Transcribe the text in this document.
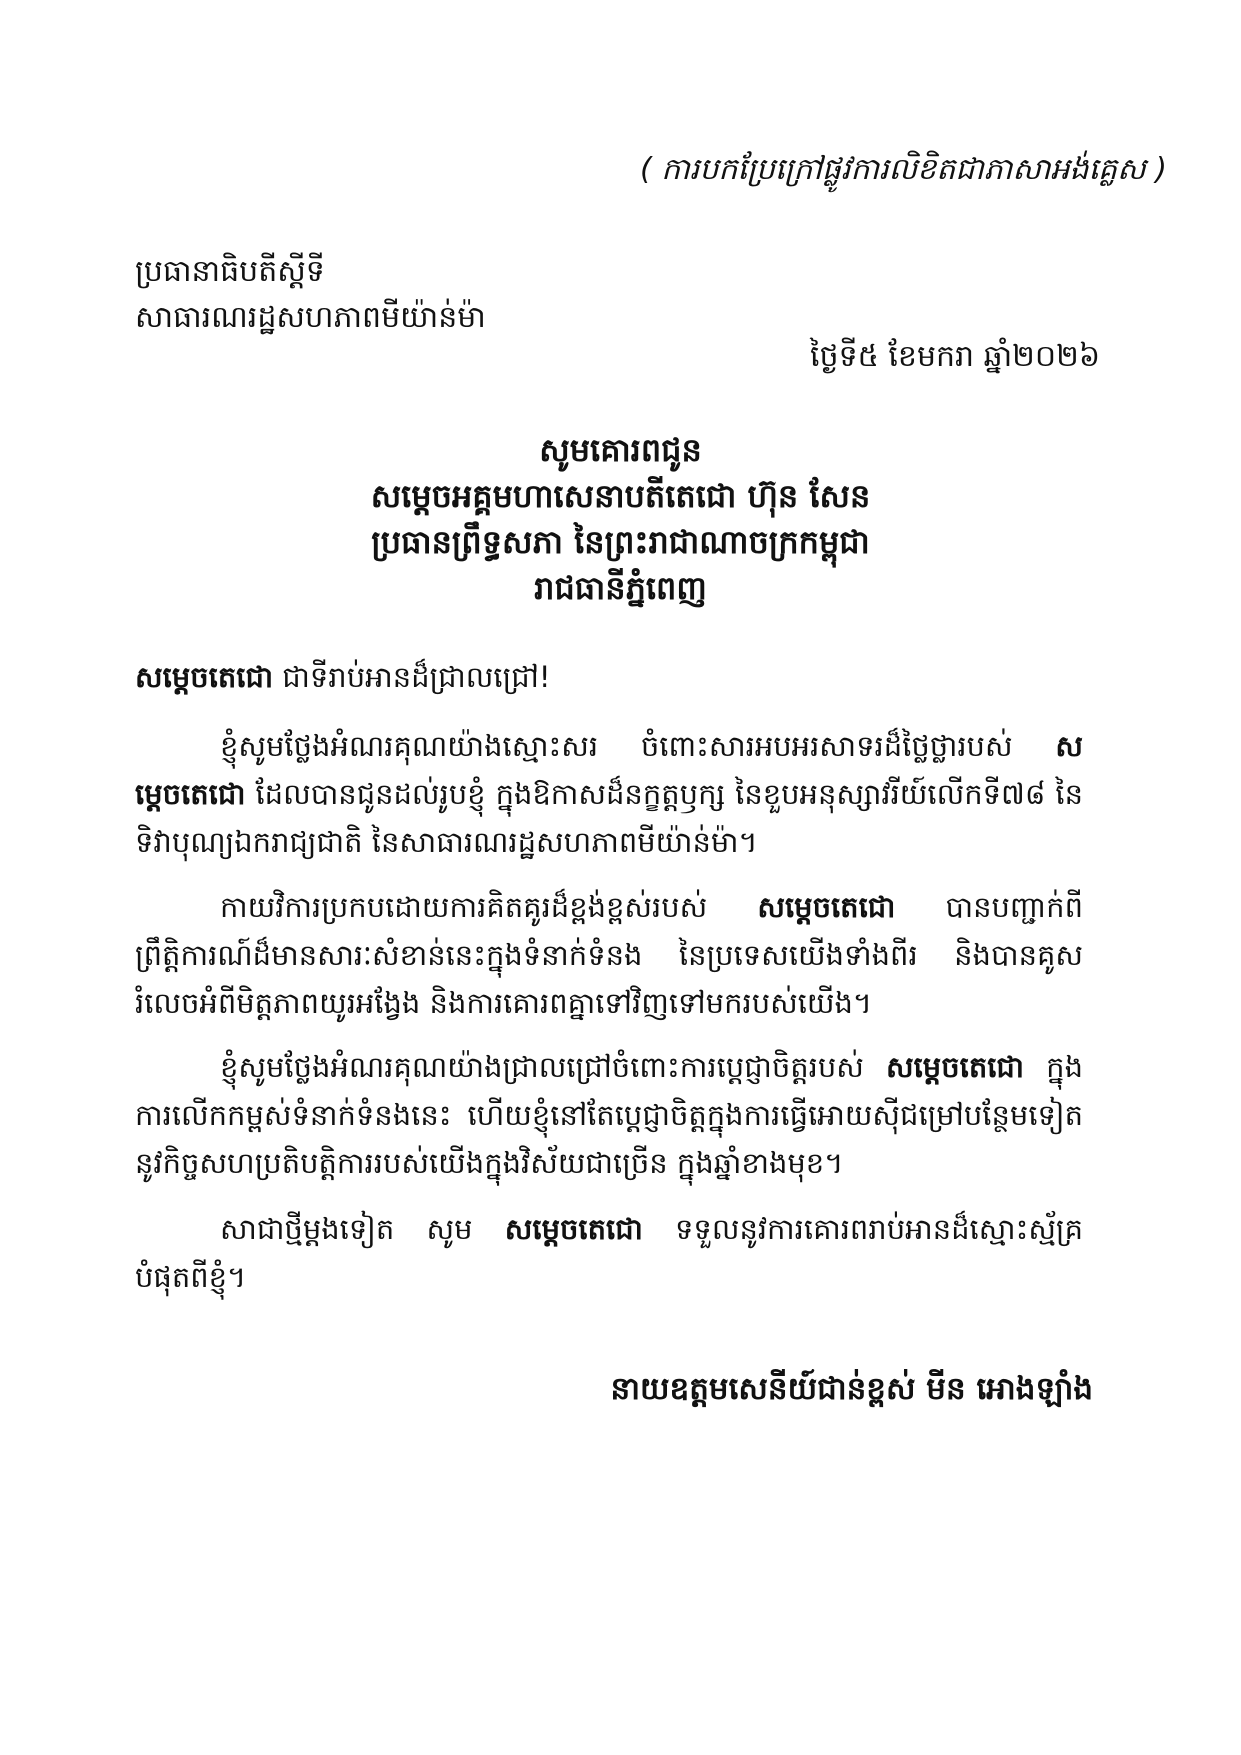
( ការបកប្រែក្រៅផ្លូវការលិខិតជាភាសាអង់គ្លេស )
ប្រធានាធិបតីស្តីទី
សាធារណរដ្ឋសហភាពមីយ៉ាន់ម៉ា
ថ្ងៃទី៥ ខែមករា ឆ្នាំ២០២៦
សូមគោរពជូន
សម្តេចអគ្គមហាសេនាបតីតេជោ ហ៊ុន សែន
ប្រធានព្រឹទ្ធសភា នៃព្រះរាជាណាចក្រកម្ពុជា
រាជធានីភ្នំពេញ
សម្តេចតេជោ ជាទីរាប់អានដ៏ជ្រាលជ្រៅ!
ខ្ញុំសូមថ្លែងអំណរគុណយ៉ាងស្មោះសរ ចំពោះសារអបអរសាទរដ៏ថ្លៃថ្លារបស់ សម្តេចតេជោ ដែលបានជូនដល់រូបខ្ញុំ ក្នុងឱកាសដ៏នក្ខត្តឫក្ស នៃខួបអនុស្សាវរីយ៍លើកទី៧៨ នៃទិវាបុណ្យឯករាជ្យជាតិ នៃសាធារណរដ្ឋសហភាពមីយ៉ាន់ម៉ា។
កាយវិការប្រកបដោយការគិតគូរដ៏ខ្ពង់ខ្ពស់របស់ សម្តេចតេជោ បានបញ្ជាក់ពីព្រឹត្តិការណ៍ដ៏មានសារៈសំខាន់នេះក្នុងទំនាក់ទំនង នៃប្រទេសយើងទាំងពីរ និងបានគូសរំលេចអំពីមិត្តភាពយូរអង្វែង និងការគោរពគ្នាទៅវិញទៅមករបស់យើង។
ខ្ញុំសូមថ្លែងអំណរគុណយ៉ាងជ្រាលជ្រៅចំពោះការប្តេជ្ញាចិត្តរបស់ សម្តេចតេជោ ក្នុងការលើកកម្ពស់ទំនាក់ទំនងនេះ ហើយខ្ញុំនៅតែប្តេជ្ញាចិត្តក្នុងការធ្វើអោយស៊ីជម្រៅបន្ថែមទៀតនូវកិច្ចសហប្រតិបត្តិការរបស់យើងក្នុងវិស័យជាច្រើន ក្នុងឆ្នាំខាងមុខ។
សាជាថ្មីម្តងទៀត សូម សម្តេចតេជោ ទទួលនូវការគោរពរាប់អានដ៏ស្មោះស្ម័គ្របំផុតពីខ្ញុំ។
នាយឧត្តមសេនីយ៍ជាន់ខ្ពស់ មីន អោងឡាំង
